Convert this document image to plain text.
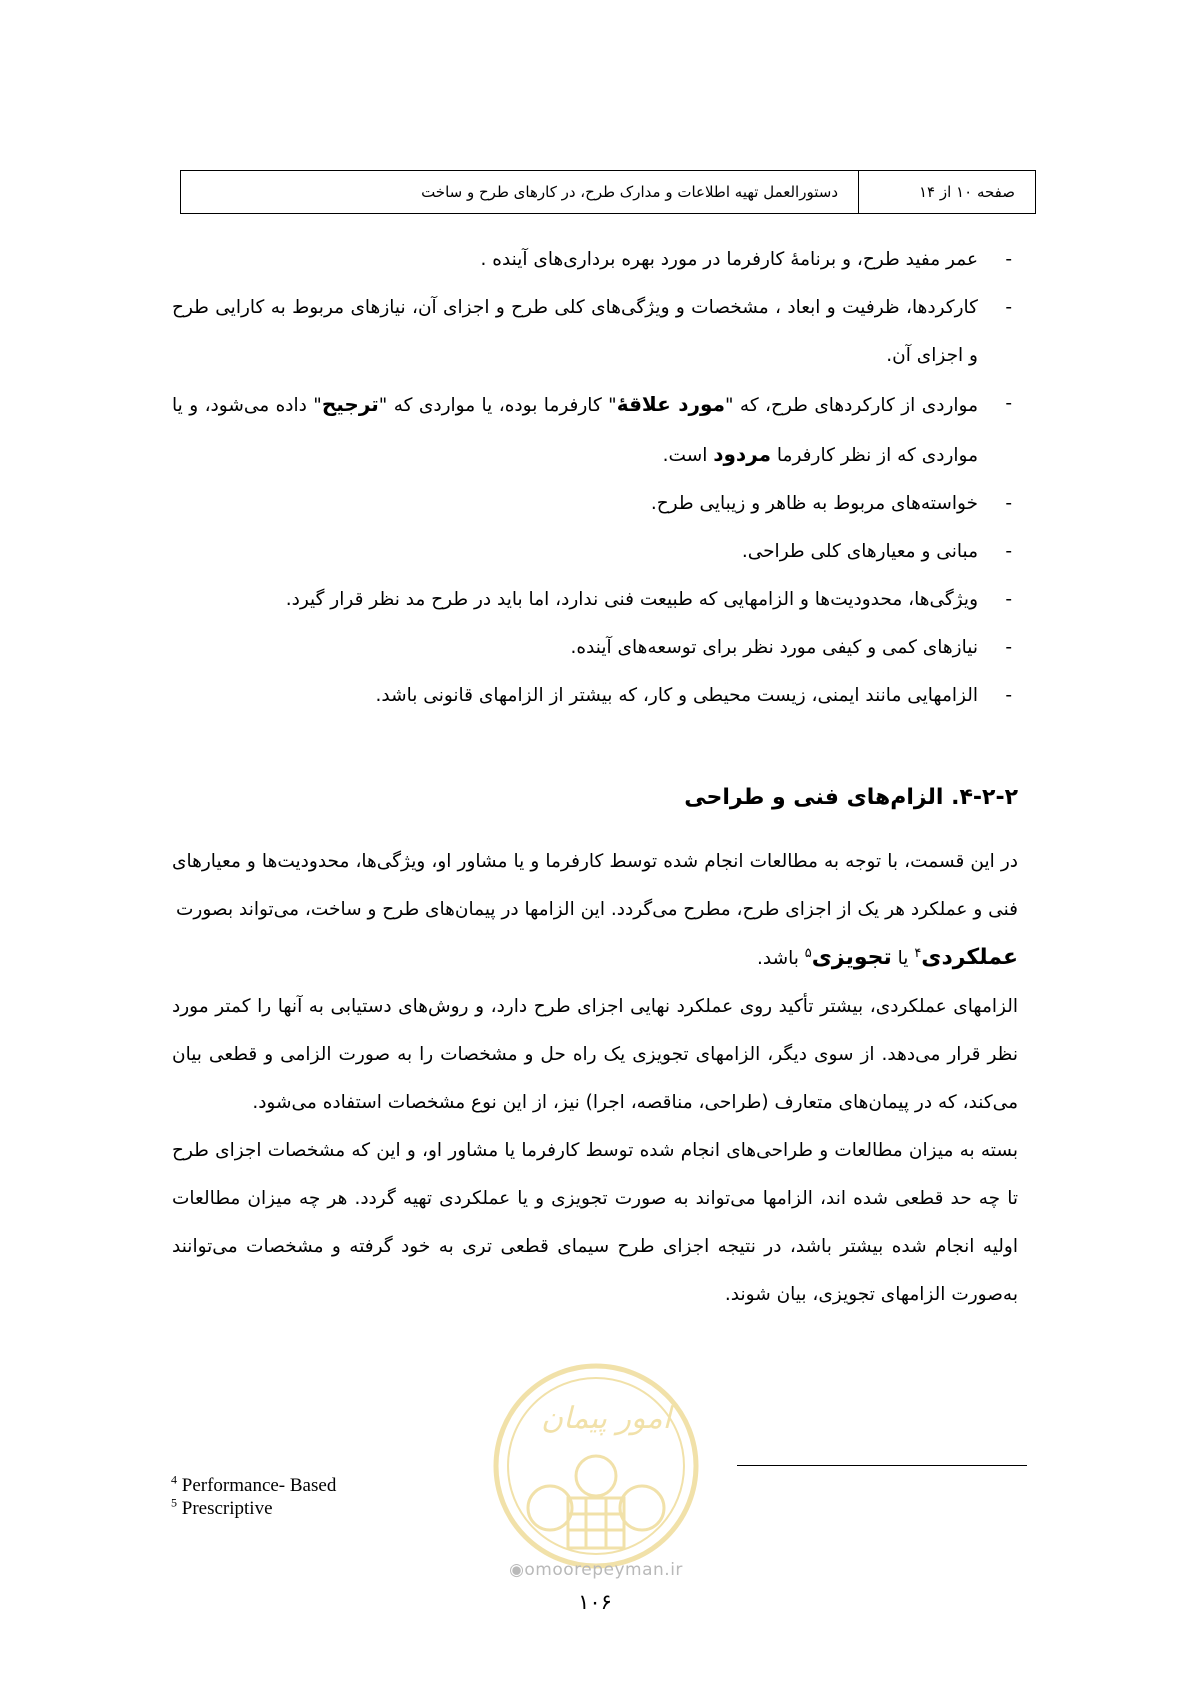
صفحه ۱۰ از ۱۴
دستورالعمل تهیه اطلاعات و مدارک طرح، در کارهای طرح و ساخت
-
عمر مفید طرح، و برنامهٔ کارفرما در مورد بهره برداری‌های آینده .
-
کارکردها، ظرفیت و ابعاد ، مشخصات و ویژگی‌های کلی طرح و اجزای آن، نیازهای مربوط به کارایی طرح و اجزای آن.
-
مواردی از کارکردهای طرح، که "مورد علاقهٔ" کارفرما بوده، یا مواردی که "ترجیح" داده می‌شود، و یا مواردی که از نظر کارفرما مردود است.
-
خواسته‌های مربوط به ظاهر و زیبایی طرح.
-
مبانی و معیارهای کلی طراحی.
-
ویژگی‌ها، محدودیت‌ها و الزامهایی که طبیعت فنی ندارد، اما باید در طرح مد نظر قرار گیرد.
-
نیازهای کمی و کیفی مورد نظر برای توسعه‌های آینده.
-
الزامهایی مانند ایمنی، زیست محیطی و کار، که بیشتر از الزامهای قانونی باشد.
۴-۲-۲. الزام‌های فنی و طراحی

در این قسمت، با توجه به مطالعات انجام شده توسط کارفرما و یا مشاور او، ویژگی‌ها، محدودیت‌ها و معیارهای فنی و عملکرد هر یک از اجزای طرح، مطرح می‌گردد. این الزامها در پیمان‌های طرح و ساخت، می‌تواند بصورت

عملکردی$^۴$ یا تجویزی$^۵$ باشد.

الزامهای عملکردی، بیشتر تأکید روی عملکرد نهایی اجزای طرح دارد، و روش‌های دستیابی به آنها را کمتر مورد نظر قرار می‌دهد. از سوی دیگر، الزامهای تجویزی یک راه حل و مشخصات را به صورت الزامی و قطعی بیان می‌کند، که در پیمان‌های متعارف (طراحی، مناقصه، اجرا) نیز، از این نوع مشخصات استفاده می‌شود.

بسته به میزان مطالعات و طراحی‌های انجام شده توسط کارفرما یا مشاور او، و این که مشخصات اجزای طرح تا چه حد قطعی شده اند، الزامها می‌تواند به صورت تجویزی و یا عملکردی تهیه گردد. هر چه میزان مطالعات اولیه انجام شده بیشتر باشد، در نتیجه اجزای طرح سیمای قطعی تری به خود گرفته و مشخصات می‌توانند به‌صورت الزامهای تجویزی، بیان شوند.

امور پیمان
◉omoorepeyman.ir
$^4$ Performance- Based
$^5$ Prescriptive
۱۰۶
